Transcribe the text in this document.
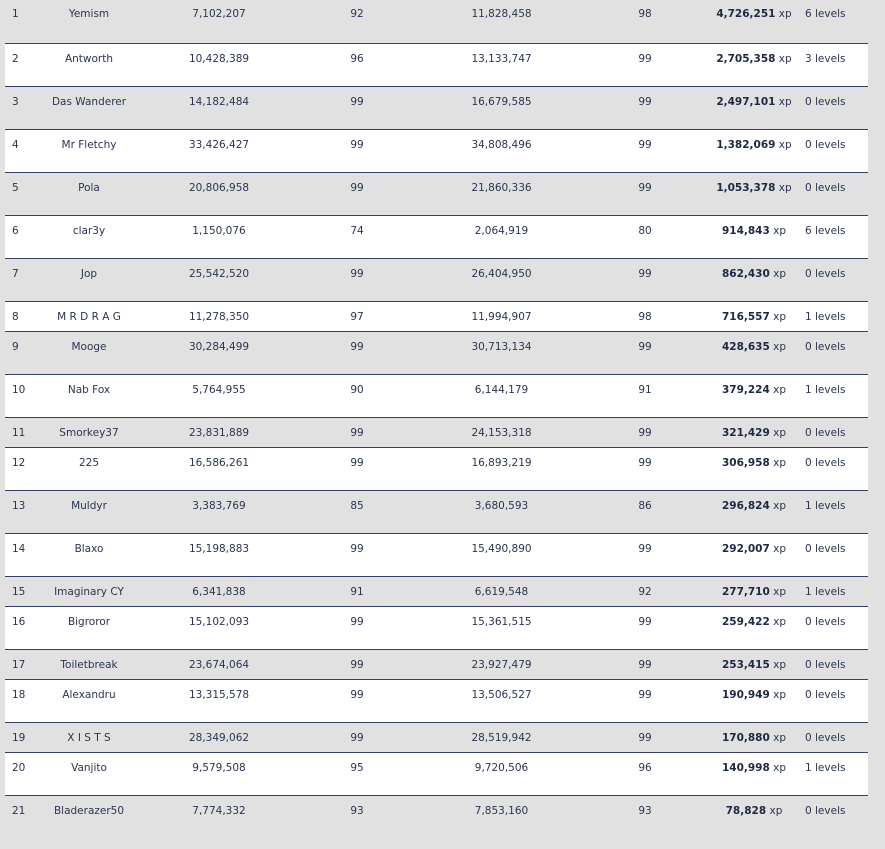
1	Yemism	7,102,207	92	11,828,458	98	4,726,251 xp	6 levels
2	Antworth	10,428,389	96	13,133,747	99	2,705,358 xp	3 levels
3	Das Wanderer	14,182,484	99	16,679,585	99	2,497,101 xp	0 levels
4	Mr Fletchy	33,426,427	99	34,808,496	99	1,382,069 xp	0 levels
5	Pola	20,806,958	99	21,860,336	99	1,053,378 xp	0 levels
6	clar3y	1,150,076	74	2,064,919	80	914,843 xp	6 levels
7	Jop	25,542,520	99	26,404,950	99	862,430 xp	0 levels
8	M R D R A G	11,278,350	97	11,994,907	98	716,557 xp	1 levels
9	Mooge	30,284,499	99	30,713,134	99	428,635 xp	0 levels
10	Nab Fox	5,764,955	90	6,144,179	91	379,224 xp	1 levels
11	Smorkey37	23,831,889	99	24,153,318	99	321,429 xp	0 levels
12	225	16,586,261	99	16,893,219	99	306,958 xp	0 levels
13	Muldyr	3,383,769	85	3,680,593	86	296,824 xp	1 levels
14	Blaxo	15,198,883	99	15,490,890	99	292,007 xp	0 levels
15	Imaginary CY	6,341,838	91	6,619,548	92	277,710 xp	1 levels
16	Bigroror	15,102,093	99	15,361,515	99	259,422 xp	0 levels
17	Toiletbreak	23,674,064	99	23,927,479	99	253,415 xp	0 levels
18	Alexandru	13,315,578	99	13,506,527	99	190,949 xp	0 levels
19	X I S T S	28,349,062	99	28,519,942	99	170,880 xp	0 levels
20	Vanjito	9,579,508	95	9,720,506	96	140,998 xp	1 levels
21	Bladerazer50	7,774,332	93	7,853,160	93	78,828 xp	0 levels
